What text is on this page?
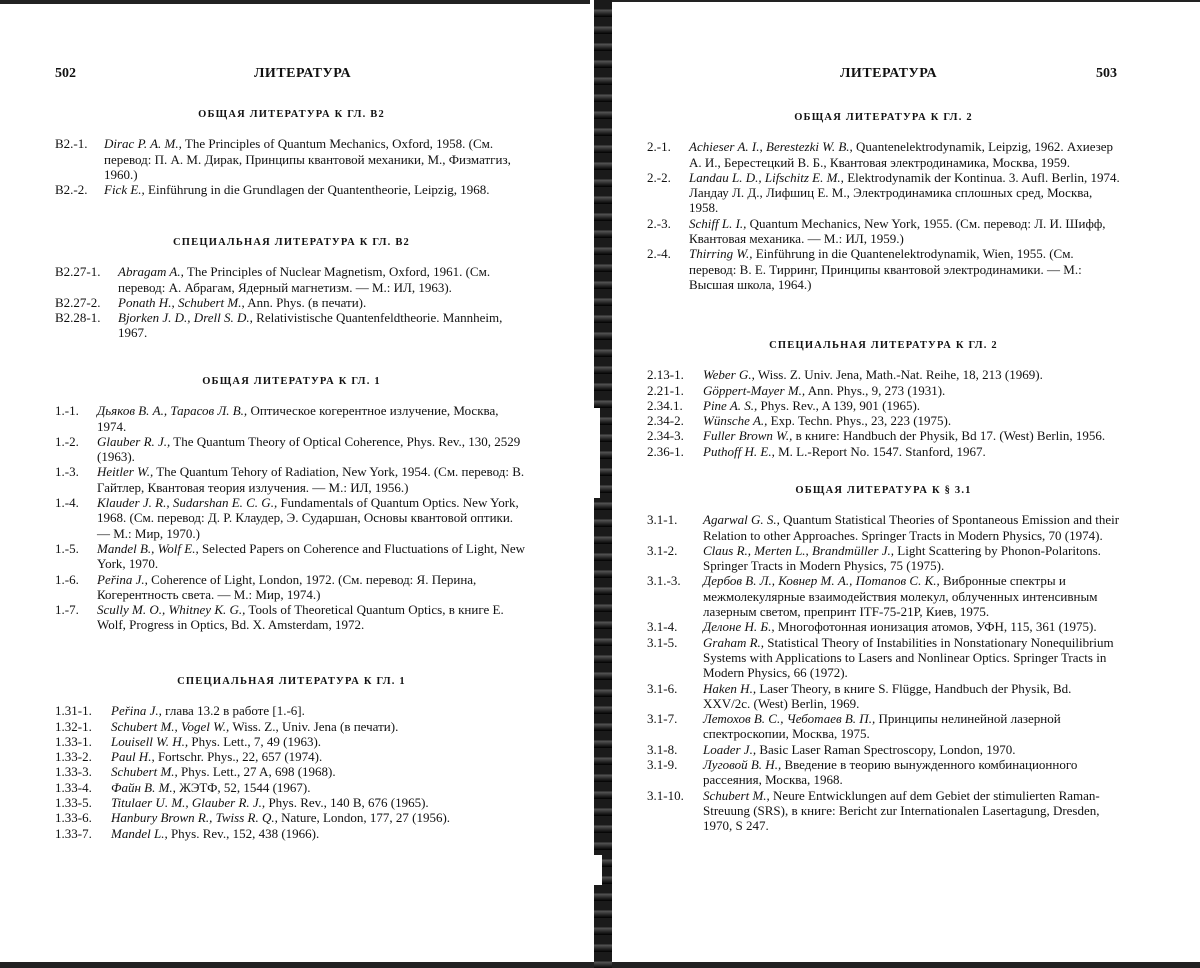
502	ЛИТЕРАТУРА
ОБЩАЯ ЛИТЕРАТУРА К ГЛ. В2
B2.-1. Dirac P. A. M., The Principles of Quantum Mechanics, Oxford, 1958. (См. перевод: П. А. М. Дирак, Принципы квантовой механики, М., Физматгиз, 1960.)
B2.-2. Fick E., Einführung in die Grundlagen der Quantentheorie, Leipzig, 1968.
СПЕЦИАЛЬНАЯ ЛИТЕРАТУРА К ГЛ. В2
B2.27-1. Abragam A., The Principles of Nuclear Magnetism, Oxford, 1961. (См. перевод: А. Абрагам, Ядерный магнетизм. — М.: ИЛ, 1963).
B2.27-2. Ponath H., Schubert M., Ann. Phys. (в печати).
B2.28-1. Bjorken J. D., Drell S. D., Relativistische Quantenfeldtheorie. Mannheim, 1967.
ОБЩАЯ ЛИТЕРАТУРА К ГЛ. 1
1.-1. Дьяков В. А., Тарасов Л. В., Оптическое когерентное излучение, Москва, 1974.
1.-2. Glauber R. J., The Quantum Theory of Optical Coherence, Phys. Rev., 130, 2529 (1963).
1.-3. Heitler W., The Quantum Tehory of Radiation, New York, 1954. (См. перевод: В. Гайтлер, Квантовая теория излучения. — М.: ИЛ, 1956.)
1.-4. Klauder J. R., Sudarshan E. C. G., Fundamentals of Quantum Optics. New York, 1968. (См. перевод: Д. Р. Клаудер, Э. Сударшан, Основы квантовой оптики. — М.: Мир, 1970.)
1.-5. Mandel B., Wolf E., Selected Papers on Coherence and Fluctuations of Light, New York, 1970.
1.-6. Peřina J., Coherence of Light, London, 1972. (См. перевод: Я. Перина, Когерентность света. — М.: Мир, 1974.)
1.-7. Scully M. O., Whitney K. G., Tools of Theoretical Quantum Optics, в книге E. Wolf, Progress in Optics, Bd. X. Amsterdam, 1972.
СПЕЦИАЛЬНАЯ ЛИТЕРАТУРА К ГЛ. 1
1.31-1. Peřina J., глава 13.2 в работе [1.-6].
1.32-1. Schubert M., Vogel W., Wiss. Z., Univ. Jena (в печати).
1.33-1. Louisell W. H., Phys. Lett., 7, 49 (1963).
1.33-2. Paul H., Fortschr. Phys., 22, 657 (1974).
1.33-3. Schubert M., Phys. Lett., 27 A, 698 (1968).
1.33-4. Файн В. М., ЖЭТФ, 52, 1544 (1967).
1.33-5. Titulaer U. M., Glauber R. J., Phys. Rev., 140 B, 676 (1965).
1.33-6. Hanbury Brown R., Twiss R. Q., Nature, London, 177, 27 (1956).
1.33-7. Mandel L., Phys. Rev., 152, 438 (1966).
ЛИТЕРАТУРА	503
ОБЩАЯ ЛИТЕРАТУРА К ГЛ. 2
2.-1. Achieser A. I., Berestezki W. B., Quantenelektrodynamik, Leipzig, 1962. Ахиезер А. И., Берестецкий В. Б., Квантовая электродинамика, Москва, 1959.
2.-2. Landau L. D., Lifschitz E. M., Elektrodynamik der Kontinua. 3. Aufl. Berlin, 1974. Ландау Л. Д., Лифшиц Е. М., Электродинамика сплошных сред, Москва, 1958.
2.-3. Schiff L. I., Quantum Mechanics, New York, 1955. (См. перевод: Л. И. Шифф, Квантовая механика. — М.: ИЛ, 1959.)
2.-4. Thirring W., Einführung in die Quantenelektrodynamik, Wien, 1955. (См. перевод: В. Е. Тирринг, Принципы квантовой электродинамики. — М.: Высшая школа, 1964.)
СПЕЦИАЛЬНАЯ ЛИТЕРАТУРА К ГЛ. 2
2.13-1. Weber G., Wiss. Z. Univ. Jena, Math.-Nat. Reihe, 18, 213 (1969).
2.21-1. Göppert-Mayer M., Ann. Phys., 9, 273 (1931).
2.34.1. Pine A. S., Phys. Rev., A 139, 901 (1965).
2.34-2. Wünsche A., Exp. Techn. Phys., 23, 223 (1975).
2.34-3. Fuller Brown W., в книге: Handbuch der Physik, Bd 17. (West) Berlin, 1956.
2.36-1. Puthoff H. E., M. L.-Report No. 1547. Stanford, 1967.
ОБЩАЯ ЛИТЕРАТУРА К § 3.1
3.1-1. Agarwal G. S., Quantum Statistical Theories of Spontaneous Emission and their Relation to other Approaches. Springer Tracts in Modern Physics, 70 (1974).
3.1-2. Claus R., Merten L., Brandmüller J., Light Scattering by Phonon-Polaritons. Springer Tracts in Modern Physics, 75 (1975).
3.1.-3. Дербов В. Л., Ковнер М. А., Потапов С. К., Вибронные спектры и межмолекулярные взаимодействия молекул, облученных интенсивным лазерным светом, препринт ITF-75-21P, Киев, 1975.
3.1-4. Делоне Н. Б., Многофотонная ионизация атомов, УФН, 115, 361 (1975).
3.1-5. Graham R., Statistical Theory of Instabilities in Nonstationary Nonequilibrium Systems with Applications to Lasers and Nonlinear Optics. Springer Tracts in Modern Physics, 66 (1972).
3.1-6. Haken H., Laser Theory, в книге S. Flügge, Handbuch der Physik, Bd. XXV/2c. (West) Berlin, 1969.
3.1-7. Летохов В. С., Чеботаев В. П., Принципы нелинейной лазерной спектроскопии, Москва, 1975.
3.1-8. Loader J., Basic Laser Raman Spectroscopy, London, 1970.
3.1-9. Луговой В. Н., Введение в теорию вынужденного комбинационного рассеяния, Москва, 1968.
3.1-10. Schubert M., Neure Entwicklungen auf dem Gebiet der stimulierten Raman-Streuung (SRS), в книге: Bericht zur Internationalen Lasertagung, Dresden, 1970, S 247.
